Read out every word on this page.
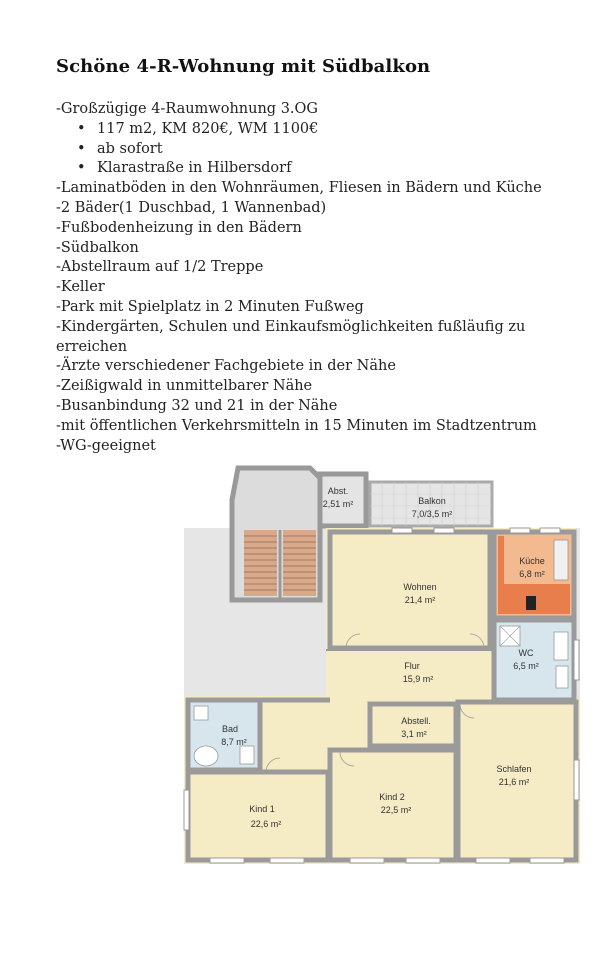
Schöne 4-R-Wohnung mit Südbalkon
-Großzügige 4-Raumwohnung 3.OG
• 117 m2, KM 820€, WM 1100€
• ab sofort
• Klarastraße in Hilbersdorf
-Laminatböden in den Wohnräumen, Fliesen in Bädern und Küche
-2 Bäder(1 Duschbad, 1 Wannenbad)
-Fußbodenheizung in den Bädern
-Südbalkon
-Abstellraum auf 1/2 Treppe
-Keller
-Park mit Spielplatz in 2 Minuten Fußweg
-Kindergärten, Schulen und Einkaufsmöglichkeiten fußläufig zu erreichen
-Ärzte verschiedener Fachgebiete in der Nähe
-Zeißigwald in unmittelbarer Nähe
-Busanbindung 32 und 21 in der Nähe
-mit öffentlichen Verkehrsmitteln in 15 Minuten im Stadtzentrum
-WG-geeignet
Abst.
2,51 m²	Balkon
7,0/3,5 m²
Küche
6,8 m²
Wohnen
21,4 m²
WC
6,5 m²
Flur
15,9 m²
Bad
8,7 m²
Abstell.
3,1 m²
Schlafen
21,6 m²
Kind 1
22,6 m²
Kind 2
22,5 m²
